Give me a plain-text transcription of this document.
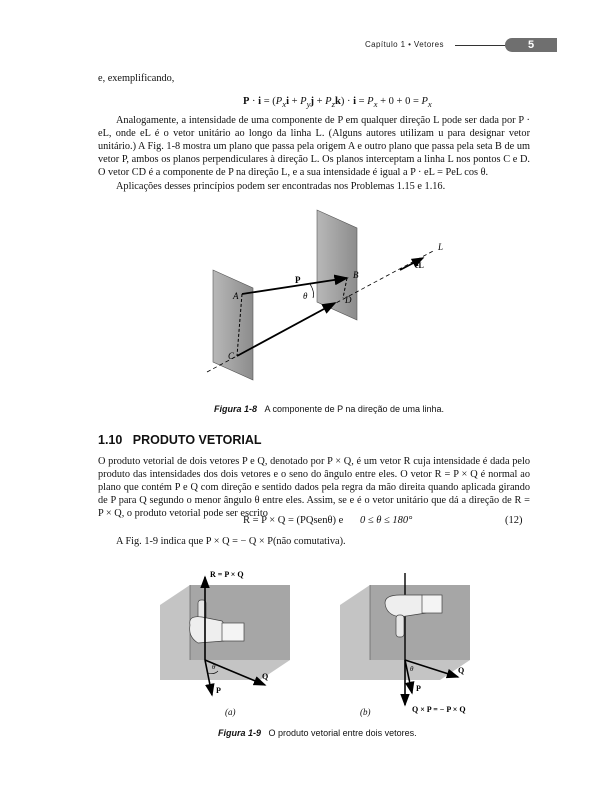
Capítulo 1 • Vetores	5

e, exemplificando,

$P \cdot i = (P_xi + P_yj + P_zk) \cdot i = P_x + 0 + 0 = P_x$

Analogamente, a intensidade de uma componente de P em qualquer direção L pode ser dada por P · eL, onde eL é o vetor unitário ao longo da linha L. (Alguns autores utilizam u para designar vetor unitário.) A Fig. 1-8 mostra um plano que passa pela origem A e outro plano que passa pela seta B de um vetor P, ambos os planos perpendiculares à direção L. Os planos interceptam a linha L nos pontos C e D. O vetor CD é a componente de P na direção L, e a sua intensidade é igual a P · eL = PeL cos θ.

Aplicações desses princípios podem ser encontradas nos Problemas 1.15 e 1.16.

A
B
C
D
P
θ
L
eL
Figura 1-8 A componente de P na direção de uma linha.
1.10 PRODUTO VETORIAL

O produto vetorial de dois vetores P e Q, denotado por P × Q, é um vetor R cuja intensidade é dada pelo produto das intensidades dos dois vetores e o seno do ângulo entre eles. O vetor R = P × Q é normal ao plano que contém P e Q com direção e sentido dados pela regra da mão direita quando aplicada girando de P para Q segundo o menor ângulo θ entre eles. Assim, se e é o vetor unitário que dá a direção de R = P × Q, o produto vetorial pode ser escrito

R = P × Q = (PQsenθ) e 0 ≤ θ ≤ 180°	(12)

A Fig. 1-9 indica que P × Q = − Q × P(não comutativa).

R = P × Q
θ
P
Q
(a)
θ
P
Q
Q × P = − P × Q
(b)
Figura 1-9 O produto vetorial entre dois vetores.
